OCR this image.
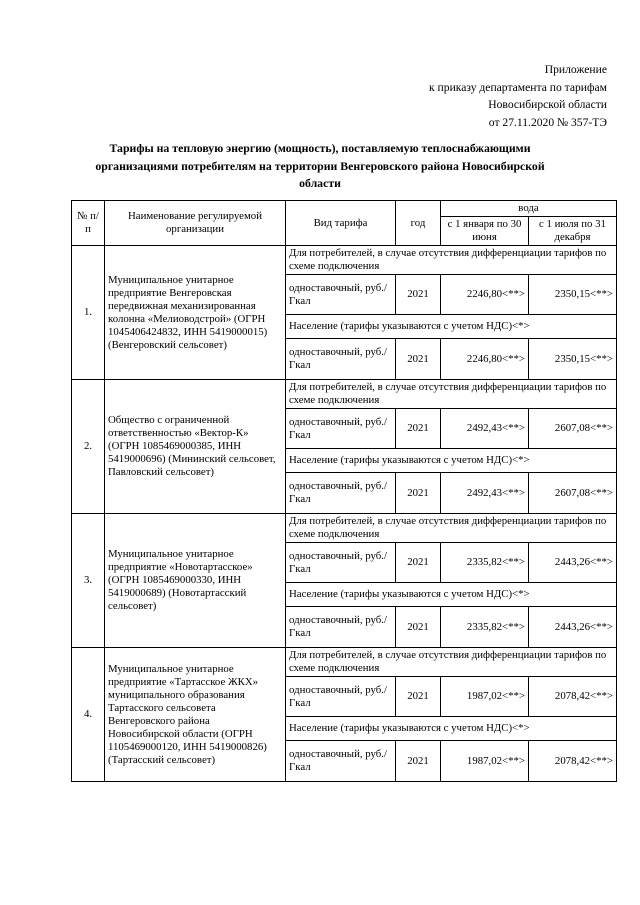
Приложение
к приказу департамента по тарифам
Новосибирской области
от 27.11.2020 № 357-ТЭ
Тарифы на тепловую энергию (мощность), поставляемую теплоснабжающими
организациями потребителям на территории Венгеровского района Новосибирской
области
№ п/п	Наименование регулируемой организации	Вид тарифа	год	вода	
				с 1 января по 30 июня	с 1 июля по 31 декабря
1.	Муниципальное унитарное предприятие Венгеровская передвижная механизированная колонна «Мелиоводстрой» (ОГРН 1045406424832, ИНН 5419000015) (Венгеровский сельсовет)	Для потребителей, в случае отсутствия дифференциации тарифов по схеме подключения			
		одноставочный, руб./Гкал	2021	2246,80<**>	2350,15<**>
		Население (тарифы указываются с учетом НДС)<*>			
		одноставочный, руб./Гкал	2021	2246,80<**>	2350,15<**>
2.	Общество с ограниченной ответственностью «Вектор-К» (ОГРН 1085469000385, ИНН 5419000696) (Мининский сельсовет, Павловский сельсовет)	Для потребителей, в случае отсутствия дифференциации тарифов по схеме подключения			
		одноставочный, руб./Гкал	2021	2492,43<**>	2607,08<**>
		Население (тарифы указываются с учетом НДС)<*>			
		одноставочный, руб./Гкал	2021	2492,43<**>	2607,08<**>
3.	Муниципальное унитарное предприятие «Новотартасское» (ОГРН 1085469000330, ИНН 5419000689) (Новотартасский сельсовет)	Для потребителей, в случае отсутствия дифференциации тарифов по схеме подключения			
		одноставочный, руб./Гкал	2021	2335,82<**>	2443,26<**>
		Население (тарифы указываются с учетом НДС)<*>			
		одноставочный, руб./Гкал	2021	2335,82<**>	2443,26<**>
4.	Муниципальное унитарное предприятие «Тартасское ЖКХ» муниципального образования Тартасского сельсовета Венгеровского района Новосибирской области (ОГРН 1105469000120, ИНН 5419000826) (Тартасский сельсовет)	Для потребителей, в случае отсутствия дифференциации тарифов по схеме подключения			
		одноставочный, руб./Гкал	2021	1987,02<**>	2078,42<**>
		Население (тарифы указываются с учетом НДС)<*>			
		одноставочный, руб./Гкал	2021	1987,02<**>	2078,42<**>
